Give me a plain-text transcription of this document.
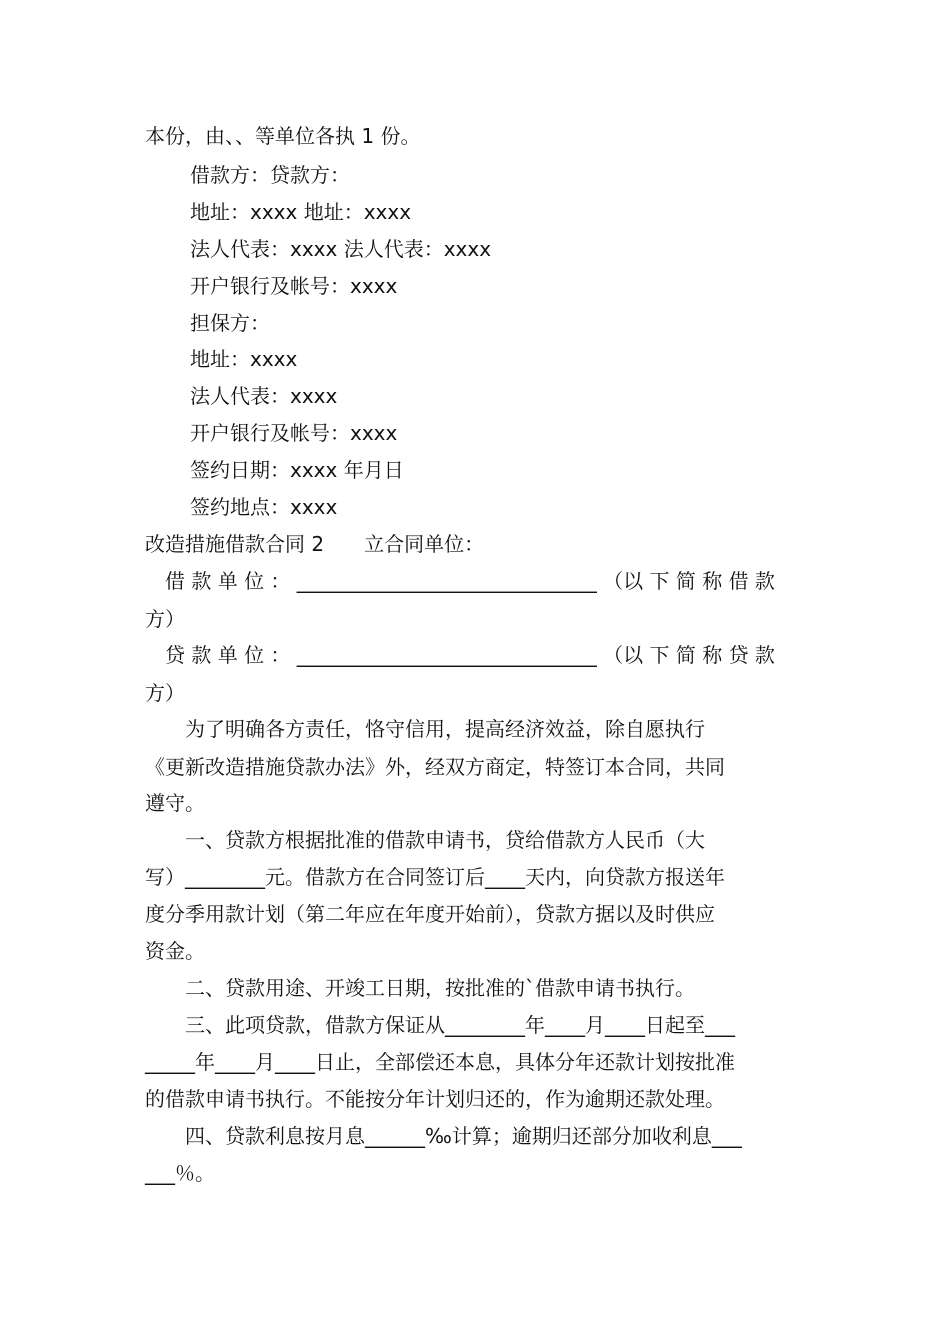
本份，由、、等单位各执 1 份。
借款方：贷款方：
地址：xxxx 地址：xxxx
法人代表：xxxx 法人代表：xxxx
开户银行及帐号：xxxx
担保方：
地址：xxxx
法人代表：xxxx
开户银行及帐号：xxxx
签约日期：xxxx 年月日
签约地点：xxxx
改造措施借款合同 2　　立合同单位：
　借 款 单 位 ： ______________________________ （以 下 简 称 借 款
方）
　贷 款 单 位 ： ______________________________ （以 下 简 称 贷 款
方）
　　为了明确各方责任，恪守信用，提高经济效益，除自愿执行
《更新改造措施贷款办法》外，经双方商定，特签订本合同，共同
遵守。
　　一、贷款方根据批准的借款申请书，贷给借款方人民币（大
写）________元。借款方在合同签订后____天内，向贷款方报送年
度分季用款计划（第二年应在年度开始前），贷款方据以及时供应
资金。
　　二、贷款用途、开竣工日期，按批准的`借款申请书执行。
　　三、此项贷款，借款方保证从________年____月____日起至___
_____年____月____日止，全部偿还本息，具体分年还款计划按批准
的借款申请书执行。不能按分年计划归还的，作为逾期还款处理。
　　四、贷款利息按月息______‰计算；逾期归还部分加收利息___
___％。
